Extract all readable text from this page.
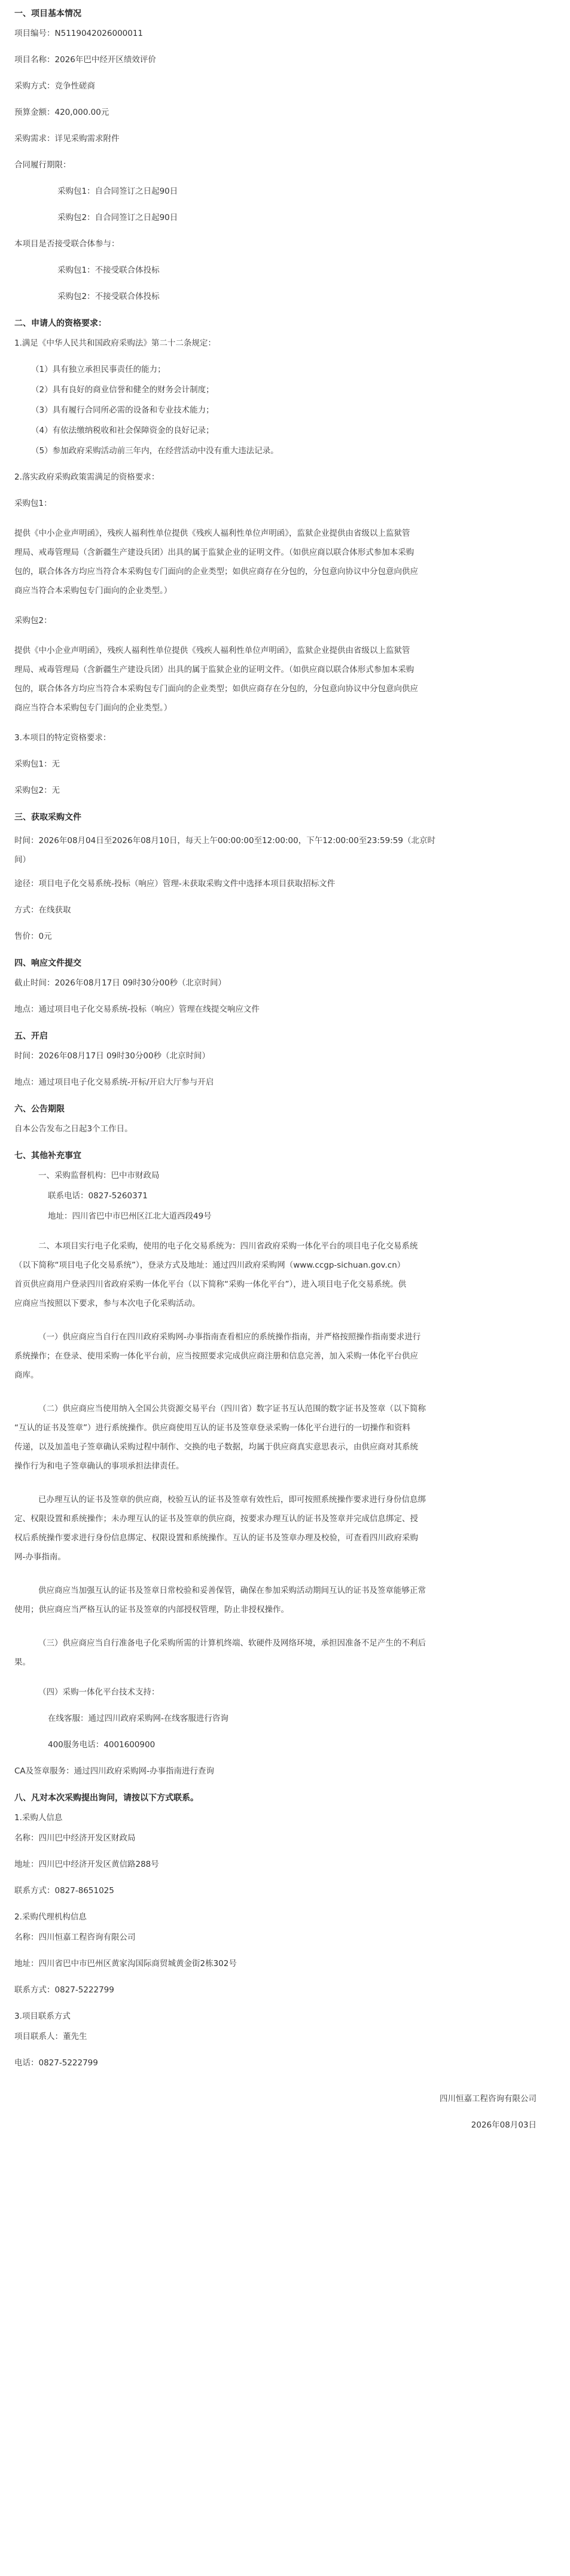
一、项目基本情况

项目编号：N5119042026000011

项目名称：2026年巴中经开区绩效评价

采购方式：竞争性磋商

预算金额：420,000.00元

采购需求：详见采购需求附件

合同履行期限：

采购包1：自合同签订之日起90日

采购包2：自合同签订之日起90日

本项目是否接受联合体参与：

采购包1：不接受联合体投标

采购包2：不接受联合体投标

二、申请人的资格要求：

1.满足《中华人民共和国政府采购法》第二十二条规定：

（1）具有独立承担民事责任的能力；

（2）具有良好的商业信誉和健全的财务会计制度；

（3）具有履行合同所必需的设备和专业技术能力；

（4）有依法缴纳税收和社会保障资金的良好记录；

（5）参加政府采购活动前三年内，在经营活动中没有重大违法记录。

2.落实政府采购政策需满足的资格要求：

采购包1：

提供《中小企业声明函》，残疾人福利性单位提供《残疾人福利性单位声明函》，监狱企业提供由省级以上监狱管

理局、戒毒管理局（含新疆生产建设兵团）出具的属于监狱企业的证明文件。（如供应商以联合体形式参加本采购

包的，联合体各方均应当符合本采购包专门面向的企业类型；如供应商存在分包的，分包意向协议中分包意向供应

商应当符合本采购包专门面向的企业类型。）

采购包2：

提供《中小企业声明函》，残疾人福利性单位提供《残疾人福利性单位声明函》，监狱企业提供由省级以上监狱管

理局、戒毒管理局（含新疆生产建设兵团）出具的属于监狱企业的证明文件。（如供应商以联合体形式参加本采购

包的，联合体各方均应当符合本采购包专门面向的企业类型；如供应商存在分包的，分包意向协议中分包意向供应

商应当符合本采购包专门面向的企业类型。）

3.本项目的特定资格要求：

采购包1：无

采购包2：无

三、获取采购文件

时间：2026年08月04日至2026年08月10日，每天上午00:00:00至12:00:00，下午12:00:00至23:59:59（北京时

间）

途径：项目电子化交易系统-投标（响应）管理-未获取采购文件中选择本项目获取招标文件

方式：在线获取

售价：0元

四、响应文件提交

截止时间：2026年08月17日 09时30分00秒（北京时间）

地点：通过项目电子化交易系统-投标（响应）管理在线提交响应文件

五、开启

时间：2026年08月17日 09时30分00秒（北京时间）

地点：通过项目电子化交易系统-开标/开启大厅参与开启

六、公告期限

自本公告发布之日起3个工作日。

七、其他补充事宜

一、采购监督机构：巴中市财政局

联系电话：0827-5260371

地址：四川省巴中市巴州区江北大道西段49号

二、本项目实行电子化采购，使用的电子化交易系统为：四川省政府采购一体化平台的项目电子化交易系统

（以下简称“项目电子化交易系统”），登录方式及地址：通过四川政府采购网（www.ccgp-sichuan.gov.cn）

首页供应商用户登录四川省政府采购一体化平台（以下简称“采购一体化平台”），进入项目电子化交易系统。供

应商应当按照以下要求，参与本次电子化采购活动。

（一）供应商应当自行在四川政府采购网-办事指南查看相应的系统操作指南，并严格按照操作指南要求进行

系统操作；在登录、使用采购一体化平台前，应当按照要求完成供应商注册和信息完善，加入采购一体化平台供应

商库。

（二）供应商应当使用纳入全国公共资源交易平台（四川省）数字证书互认范围的数字证书及签章（以下简称

“互认的证书及签章”）进行系统操作。供应商使用互认的证书及签章登录采购一体化平台进行的一切操作和资料

传递，以及加盖电子签章确认采购过程中制作、交换的电子数据，均属于供应商真实意思表示，由供应商对其系统

操作行为和电子签章确认的事项承担法律责任。

已办理互认的证书及签章的供应商，校验互认的证书及签章有效性后，即可按照系统操作要求进行身份信息绑

定、权限设置和系统操作；未办理互认的证书及签章的供应商，按要求办理互认的证书及签章并完成信息绑定、授

权后系统操作要求进行身份信息绑定、权限设置和系统操作。互认的证书及签章办理及校验，可查看四川政府采购

网-办事指南。

供应商应当加强互认的证书及签章日常校验和妥善保管，确保在参加采购活动期间互认的证书及签章能够正常

使用；供应商应当严格互认的证书及签章的内部授权管理，防止非授权操作。

（三）供应商应当自行准备电子化采购所需的计算机终端、软硬件及网络环境，承担因准备不足产生的不利后

果。

（四）采购一体化平台技术支持：

在线客服：通过四川政府采购网-在线客服进行咨询

400服务电话：4001600900

CA及签章服务：通过四川政府采购网-办事指南进行查询

八、凡对本次采购提出询问，请按以下方式联系。

1.采购人信息

名称：四川巴中经济开发区财政局

地址：四川巴中经济开发区黄信路288号

联系方式：0827-8651025

2.采购代理机构信息

名称：四川恒嘉工程咨询有限公司

地址：四川省巴中市巴州区黄家沟国际商贸城黄金街2栋302号

联系方式：0827-5222799

3.项目联系方式

项目联系人：董先生

电话：0827-5222799

四川恒嘉工程咨询有限公司

2026年08月03日
